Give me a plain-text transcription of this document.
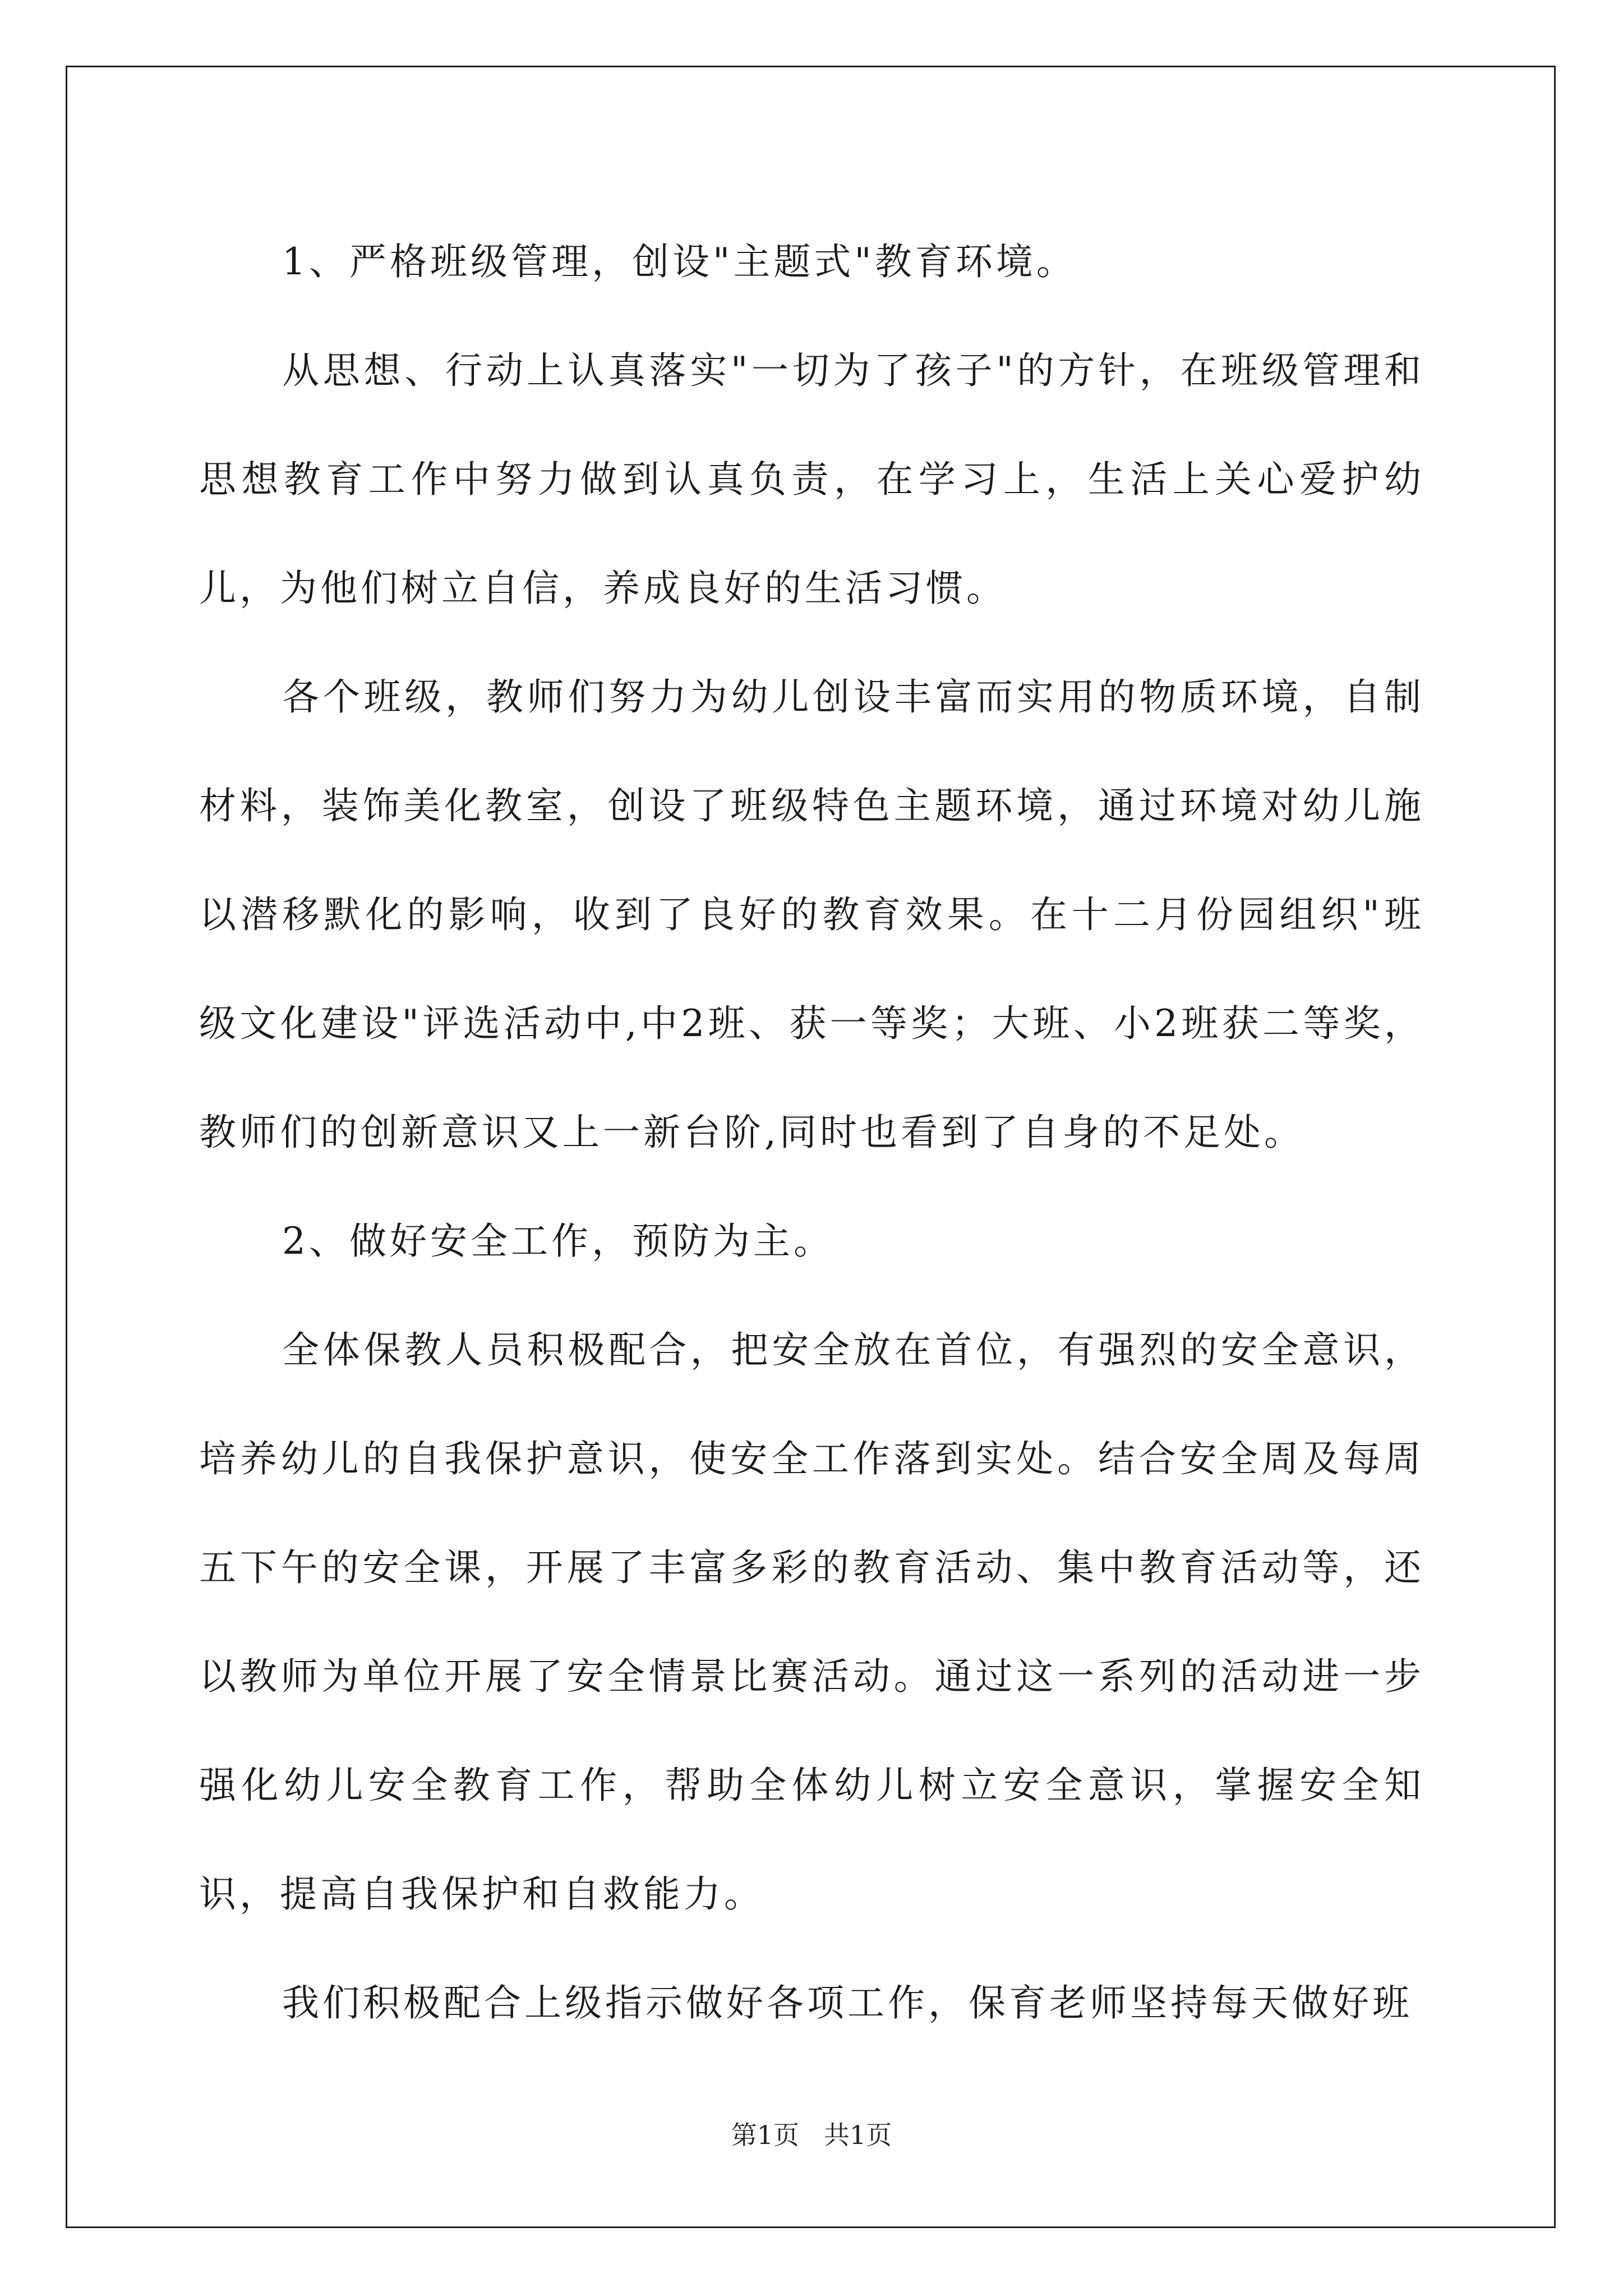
1、严格班级管理，创设"主题式"教育环境。

从思想、行动上认真落实"一切为了孩子"的方针，在班级管理和思想教育工作中努力做到认真负责，在学习上，生活上关心爱护幼儿，为他们树立自信，养成良好的生活习惯。

各个班级，教师们努力为幼儿创设丰富而实用的物质环境，自制材料，装饰美化教室，创设了班级特色主题环境，通过环境对幼儿施以潜移默化的影响，收到了良好的教育效果。在十二月份园组织"班级文化建设"评选活动中,中2班、获一等奖；大班、小2班获二等奖，教师们的创新意识又上一新台阶,同时也看到了自身的不足处。

2、做好安全工作，预防为主。

全体保教人员积极配合，把安全放在首位，有强烈的安全意识，培养幼儿的自我保护意识，使安全工作落到实处。结合安全周及每周五下午的安全课，开展了丰富多彩的教育活动、集中教育活动等，还以教师为单位开展了安全情景比赛活动。通过这一系列的活动进一步强化幼儿安全教育工作，帮助全体幼儿树立安全意识，掌握安全知识，提高自我保护和自救能力。

我们积极配合上级指示做好各项工作，保育老师坚持每天做好班

第1页   共1页
